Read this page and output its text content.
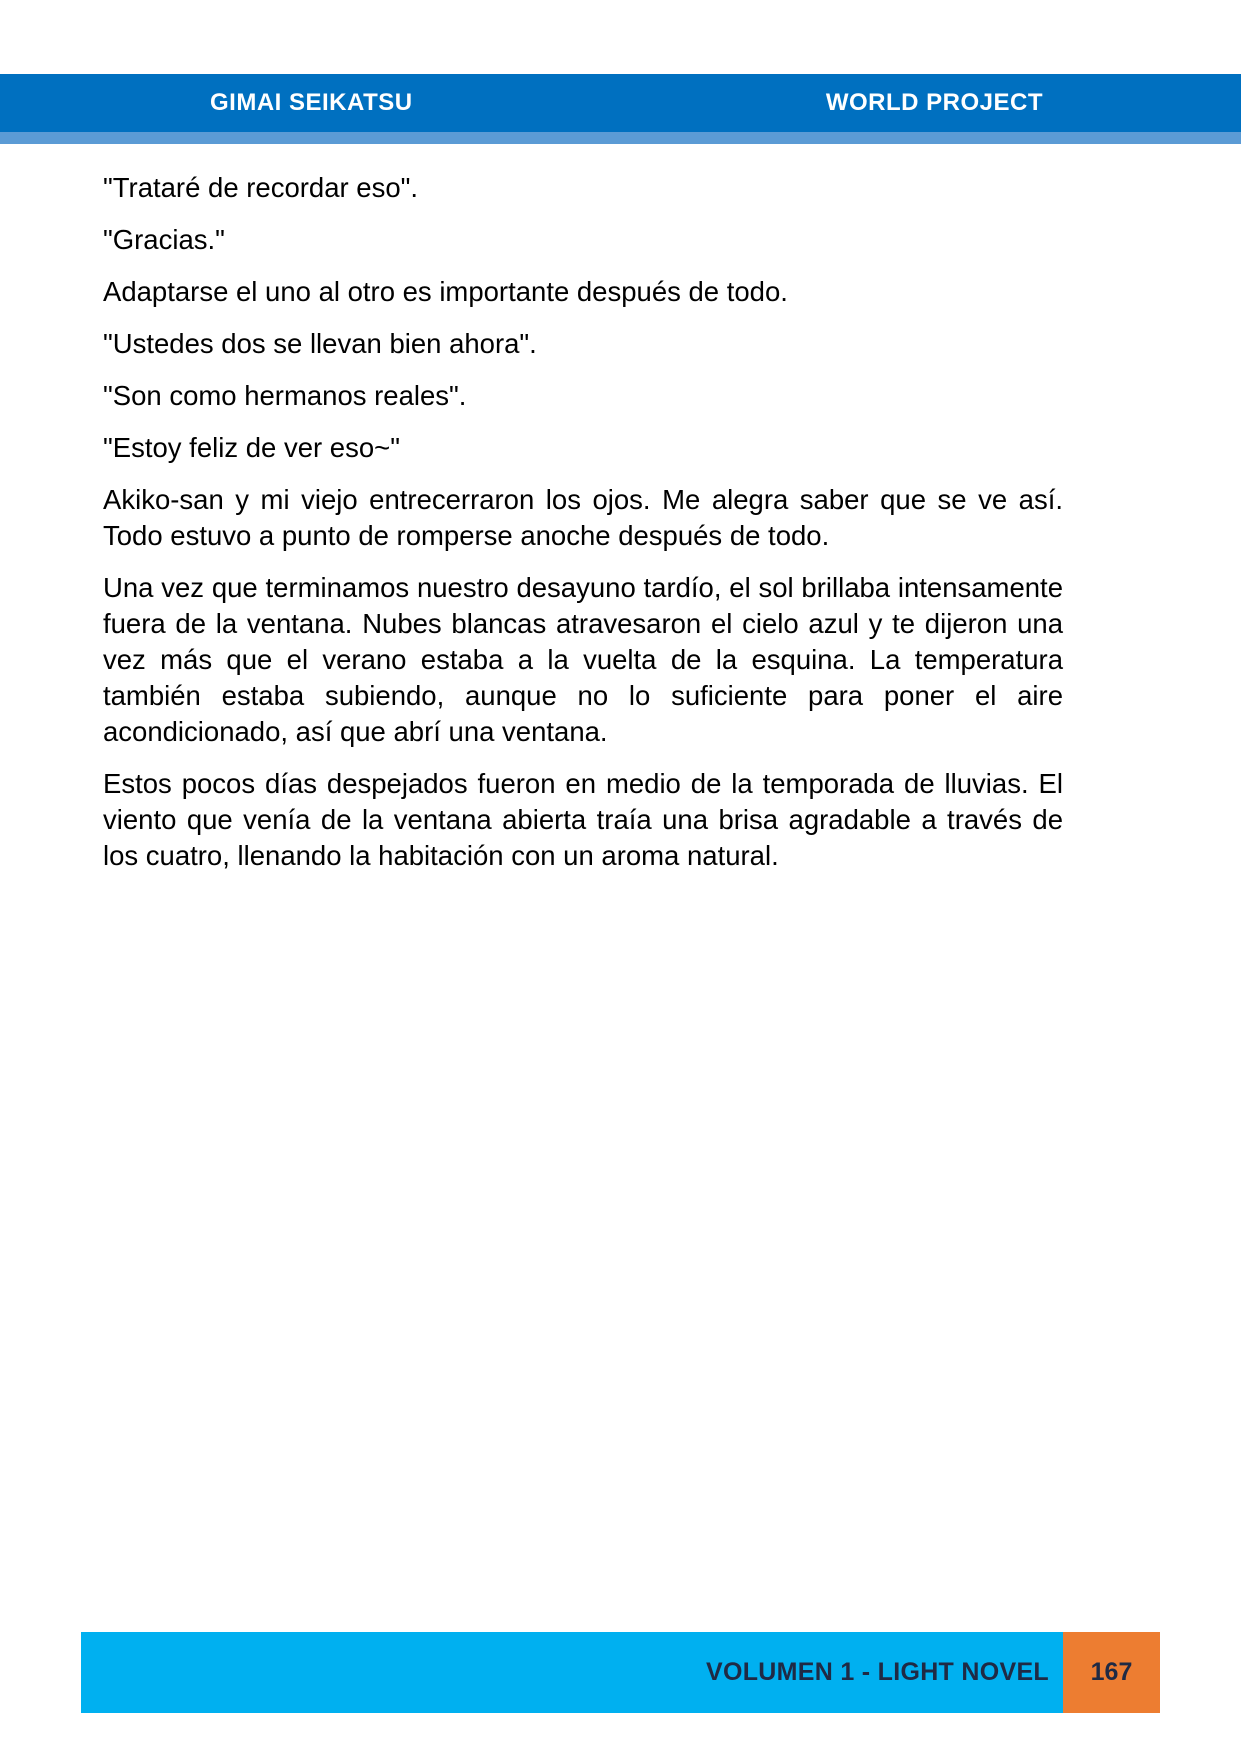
GIMAI SEIKATSU	WORLD PROJECT

"Trataré de recordar eso".

"Gracias."

Adaptarse el uno al otro es importante después de todo.

"Ustedes dos se llevan bien ahora".

"Son como hermanos reales".

"Estoy feliz de ver eso~"

Akiko-san y mi viejo entrecerraron los ojos. Me alegra saber que se ve así. Todo estuvo a punto de romperse anoche después de todo.

Una vez que terminamos nuestro desayuno tardío, el sol brillaba intensamente fuera de la ventana. Nubes blancas atravesaron el cielo azul y te dijeron una vez más que el verano estaba a la vuelta de la esquina. La temperatura también estaba subiendo, aunque no lo suficiente para poner el aire acondicionado, así que abrí una ventana.

Estos pocos días despejados fueron en medio de la temporada de lluvias. El viento que venía de la ventana abierta traía una brisa agradable a través de los cuatro, llenando la habitación con un aroma natural.

VOLUMEN 1 - LIGHT NOVEL	167
